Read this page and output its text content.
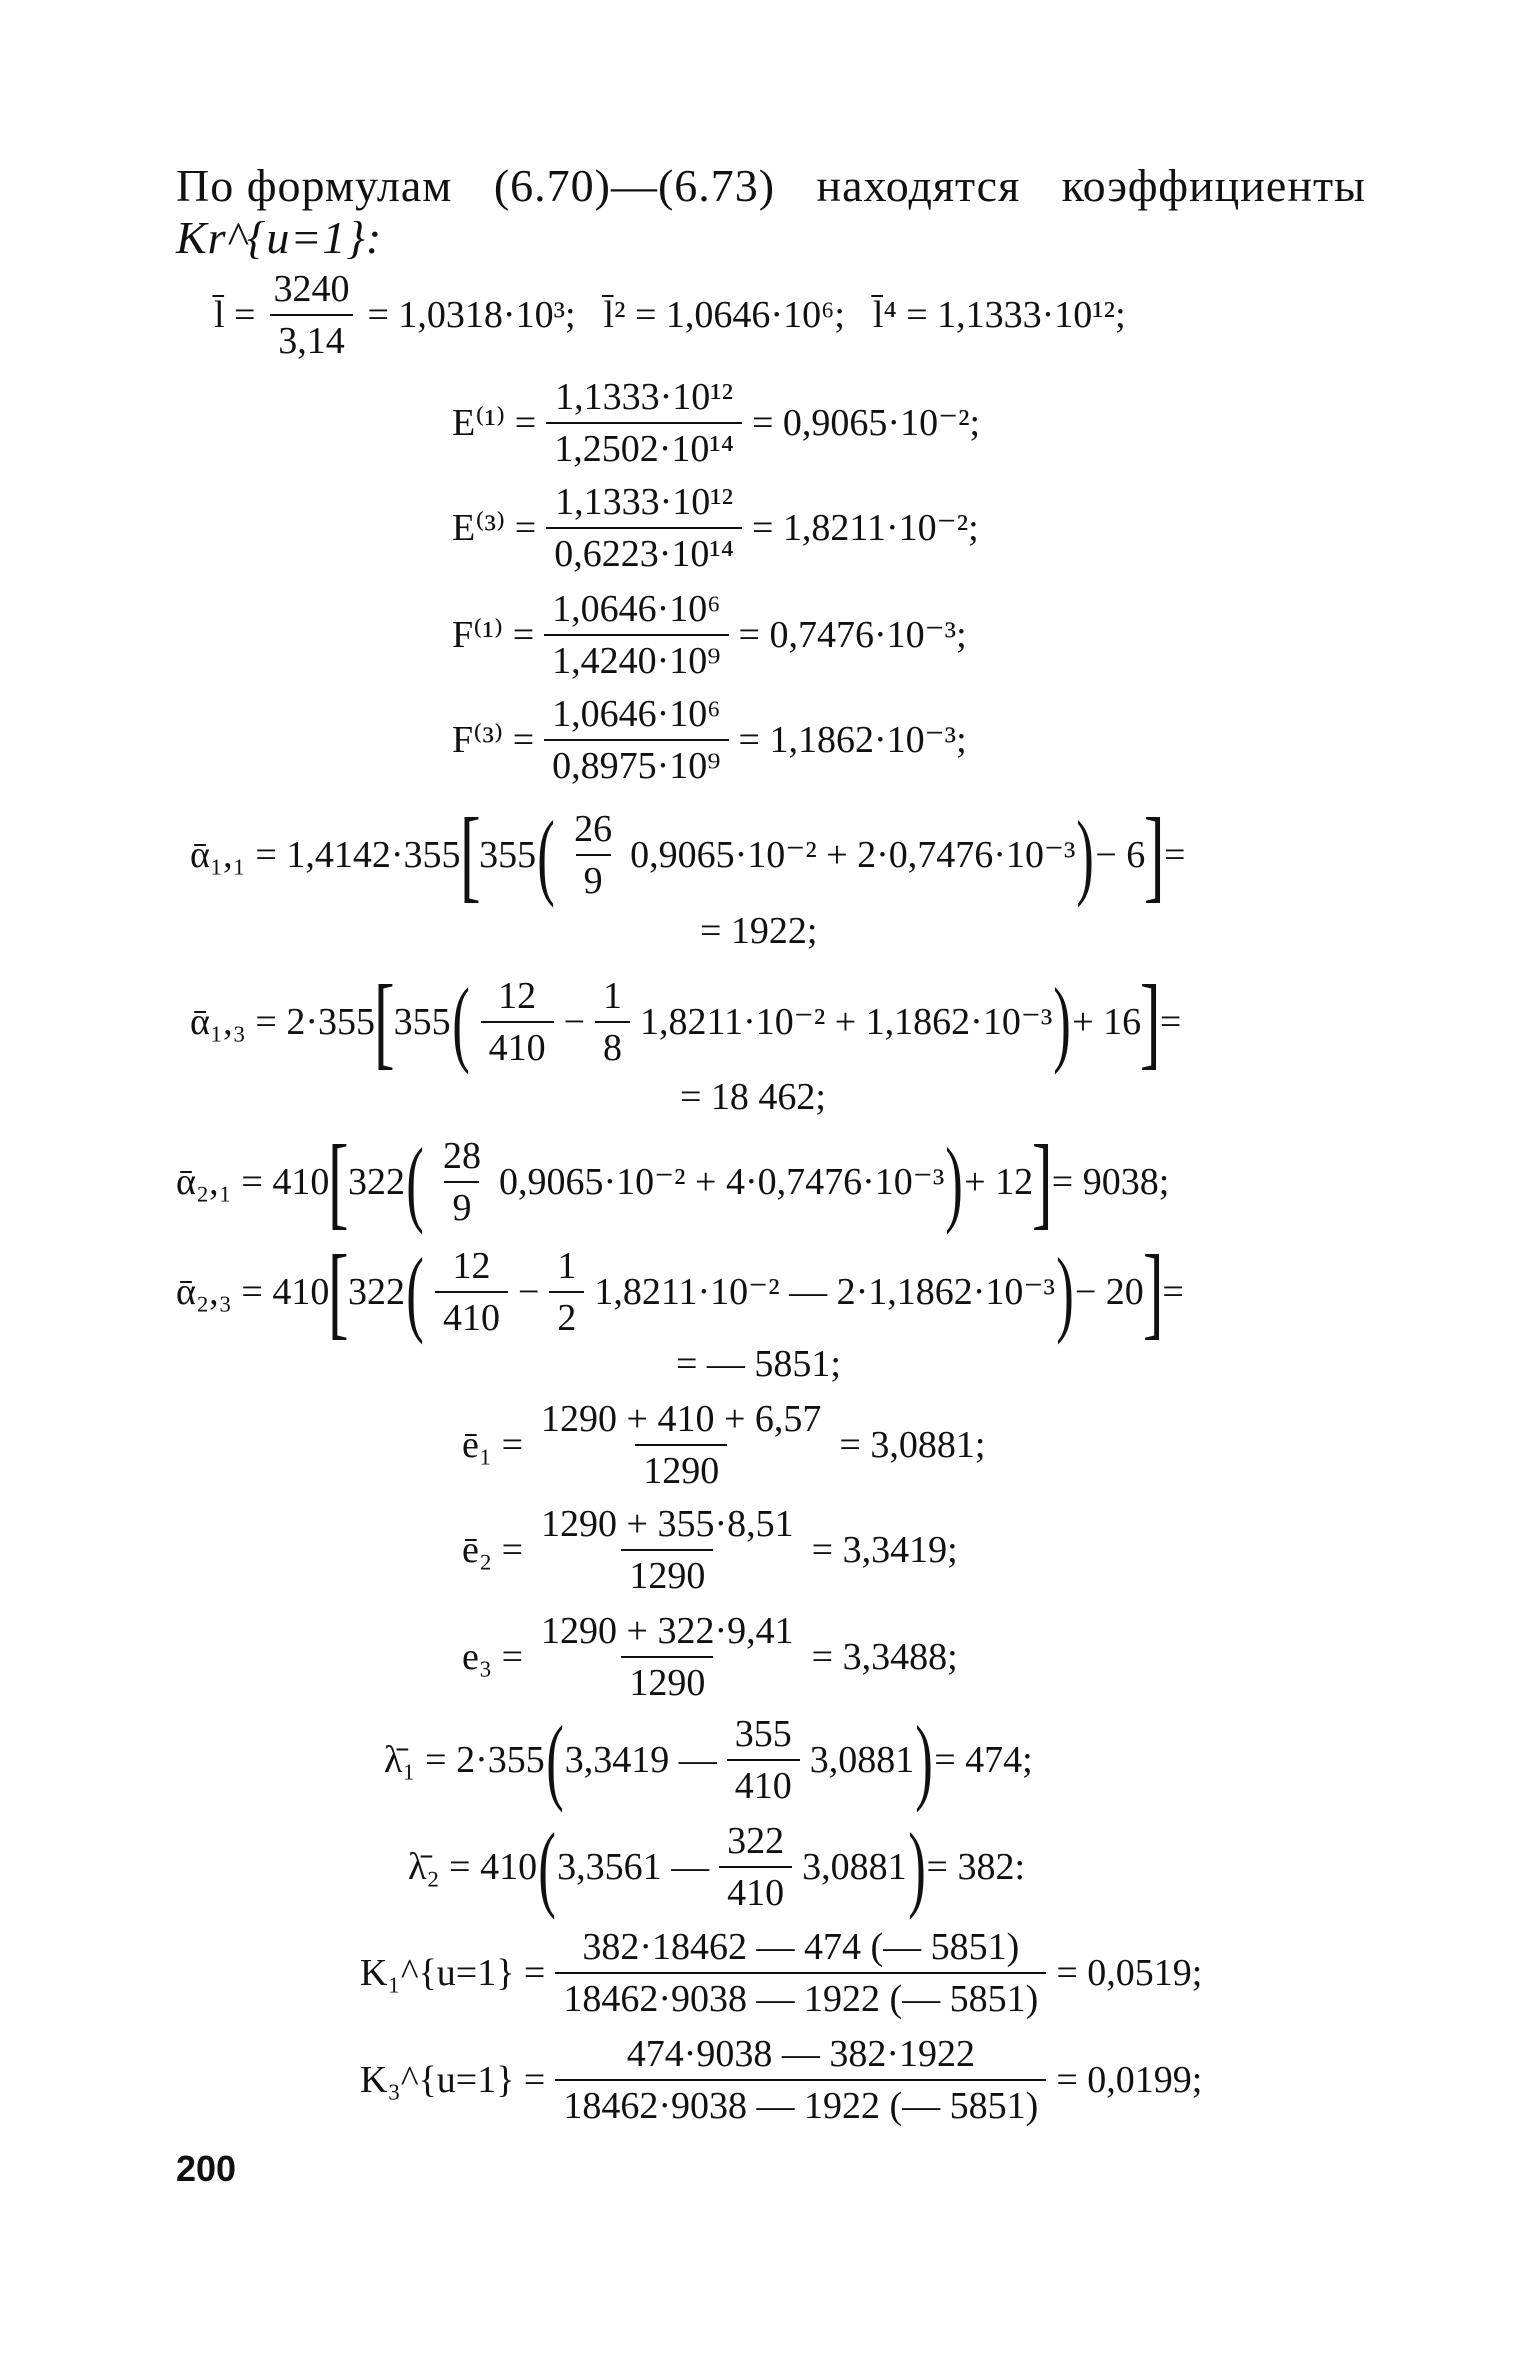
По формулам (6.70)—(6.73) находятся коэффициенты
Kr^{u=1}:
l̄ = $\frac{3240}{3,14} = 1,0318\cdot 10^3$; l̄² = 1,0646·10⁶; l̄⁴ = 1,1333·10¹²;
$E^{(1)} = \frac{\text{1,1333·10¹²}}{\text{1,2502·10¹⁴}} = 0,9065\cdot 10^{-2}$;
$E^{(3)} = \frac{\text{1,1333·10¹²}}{\text{0,6223·10¹⁴}} = 1,8211\cdot 10^{-2}$;
$F^{(1)} = \frac{\text{1,0646·10⁶}}{\text{1,4240·10⁹}} = 0,7476\cdot 10^{-3}$;
$F^{(3)} = \frac{\text{1,0646·10⁶}}{\text{0,8975·10⁹}} = 1,1862\cdot 10^{-3}$;
ᾱ₁,₁ = 1,4142·355
[
355 ( $\frac{26}{9} 0,9065\cdot 10^{-2} + 2\cdot 0,7476\cdot 10^{-3}$ ) − 6
]
=
= 1922;
ᾱ₁,₃ = 2·355
[
355 ( $\frac{12}{410} - \frac{1}{8} 1,8211\cdot 10^{-2} + 1,1862\cdot 10^{-3}$ ) + 16
]
=
= 18 462;
ᾱ₂,₁ = 410
[
322 ( $\frac{28}{9} 0,9065\cdot 10^{-2} + 4\cdot 0,7476\cdot 10^{-3}$ ) + 12
]
= 9038;
ᾱ₂,₃ = 410
[
322 ( $\frac{12}{410} - \frac{1}{2} 1,8211\cdot 10^{-2}$ — 2·1,1862·10⁻³ ) − 20
]
=
= — 5851;
ē₁ = $\frac{1290 + 410 + 6,57}{1290} = 3,0881$;
ē₂ = $\frac{1290 + 355\cdot 8,51}{1290} = 3,3419$;
$e_3 = \frac{1290 + 322\cdot 9,41}{1290} = 3,3488$;
λ̄₁ = 2·355 ( 3,3419 — $\frac{355}{410} 3,0881$ ) = 474;
λ̄₂ = 410 ( 3,3561 — $\frac{322}{410} 3,0881$ ) = 382:
K₁^{u=1} = $\frac{382\cdot 18462 — 474 (— 5851)}{18462\cdot 9038 — 1922 (— 5851)} = 0,0519$;
K₃^{u=1} = $\frac{474\cdot 9038 — 382\cdot 1922}{18462\cdot 9038 — 1922 (— 5851)} = 0,0199$;
200
